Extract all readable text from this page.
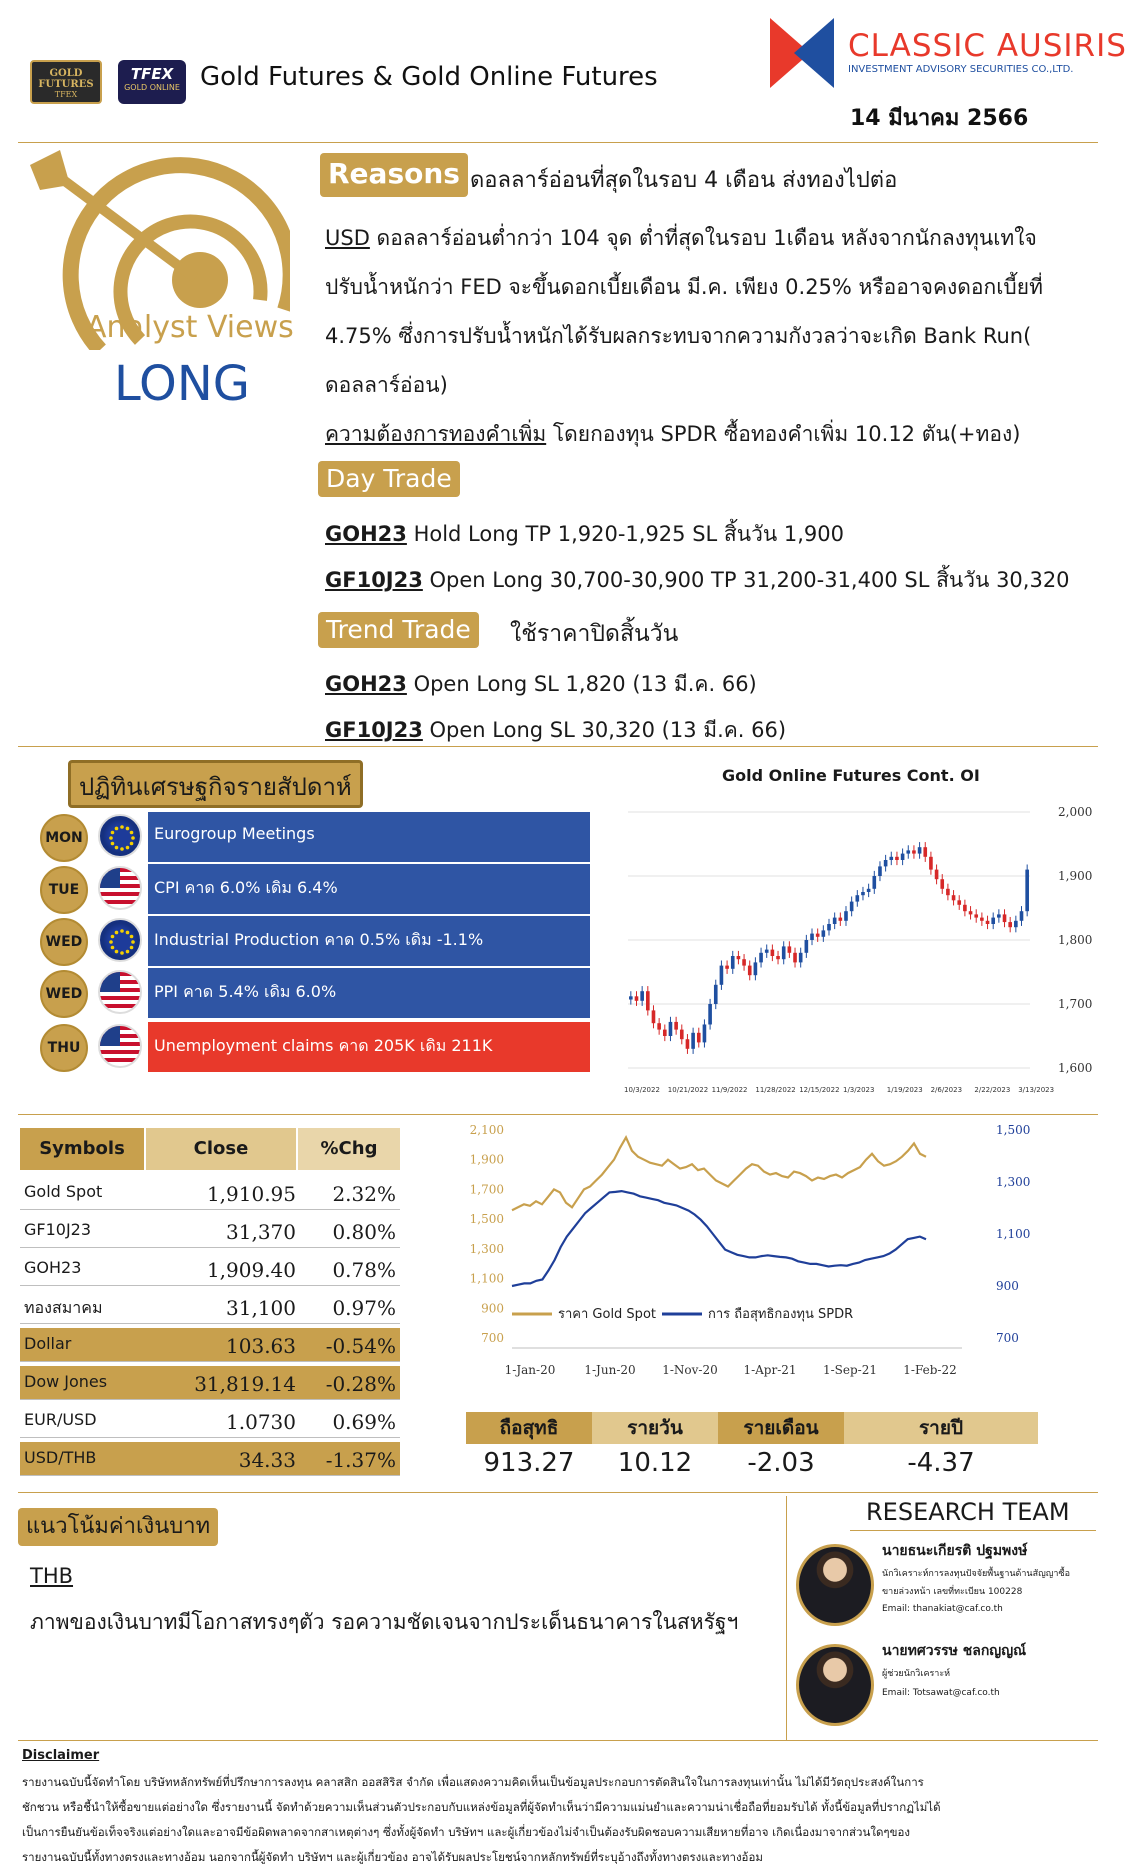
GOLD FUTURES
TFEX
TFEX
GOLD ONLINE Gold Futures & Gold Online Futures
CLASSIC AUSIRIS
INVESTMENT ADVISORY SECURITIES CO.,LTD.
14 มีนาคม 2566
Analyst Views
LONG
Reasons ดอลลาร์อ่อนที่สุดในรอบ 4 เดือน ส่งทองไปต่อ
USD ดอลลาร์อ่อนต่ำกว่า 104 จุด ต่ำที่สุดในรอบ 1เดือน หลังจากนักลงทุนเทใจ
ปรับน้ำหนักว่า FED จะขึ้นดอกเบี้ยเดือน มี.ค. เพียง 0.25% หรืออาจคงดอกเบี้ยที่
4.75% ซึ่งการปรับน้ำหนักได้รับผลกระทบจากความกังวลว่าจะเกิด Bank Run(
ดอลลาร์อ่อน)
ความต้องการทองคำเพิ่ม โดยกองทุน SPDR ซื้อทองคำเพิ่ม 10.12 ตัน(+ทอง)
Day Trade
GOH23 Hold Long TP 1,920-1,925 SL สิ้นวัน 1,900
GF10J23 Open Long 30,700-30,900 TP 31,200-31,400 SL สิ้นวัน 30,320
Trend Trade	ใช้ราคาปิดสิ้นวัน
GOH23 Open Long SL 1,820 (13 มี.ค. 66)
GF10J23 Open Long SL 30,320 (13 มี.ค. 66)
ปฏิทินเศรษฐกิจรายสัปดาห์
MON	Eurogroup Meetings
TUE	CPI คาด 6.0% เดิม 6.4%
WED	Industrial Production คาด 0.5% เดิม -1.1%
WED	PPI คาด 5.4% เดิม 6.0%
THU	Unemployment claims คาด 205K เดิม 211K
Gold Online Futures Cont. OI
1,600
1,700
1,800
1,900
2,000
10/3/2022 10/21/2022 11/9/2022 11/28/2022 12/15/2022 1/3/2023 1/19/2023 2/6/2023 2/22/2023 3/13/2023
Symbols	Close	%Chg
Gold Spot	1,910.95 2.32%
GF10J23	31,370 0.80%
GOH23	1,909.40 0.78%
ทองสมาคม	31,100 0.97%
Dollar	103.63 -0.54%
Dow Jones	31,819.14 -0.28%
EUR/USD	1.0730 0.69%
USD/THB	34.33 -1.37%
2,100
1,900
1,700
1,500
1,300
1,100
900
700
1,500
1,300
1,100
900
700
1-Jan-20 1-Jun-20 1-Nov-20 1-Apr-21 1-Sep-21 1-Feb-22
ราคา Gold Spot	การ ถือสุทธิกองทุน SPDR
ถือสุทธิ	รายวัน	รายเดือน	รายปี
913.27	10.12	-2.03	-4.37
แนวโน้มค่าเงินบาท
THB
ภาพของเงินบาทมีโอกาสทรงๆตัว รอความชัดเจนจากประเด็นธนาคารในสหรัฐฯ
RESEARCH TEAM
นายธนะเกียรติ ปฐมพงษ์
นักวิเคราะห์การลงทุนปัจจัยพื้นฐานด้านสัญญาซื้อ
ขายล่วงหน้า เลขที่ทะเบียน 100228
Email: thanakiat@caf.co.th
นายทศวรรษ ชลกญญณ์
ผู้ช่วยนักวิเคราะห์
Email: Totsawat@caf.co.th
Disclaimer
รายงานฉบับนี้จัดทำโดย บริษัทหลักทรัพย์ที่ปรึกษาการลงทุน คลาสสิก ออสสิริส จำกัด เพื่อแสดงความคิดเห็นเป็นข้อมูลประกอบการตัดสินใจในการลงทุนเท่านั้น ไม่ได้มีวัตถุประสงค์ในการ
ชักชวน หรือชี้นำให้ซื้อขายแต่อย่างใด ซึ่งรายงานนี้ จัดทำด้วยความเห็นส่วนตัวประกอบกับแหล่งข้อมูลที่ผู้จัดทำเห็นว่ามีความแม่นยำและความน่าเชื่อถือที่ยอมรับได้ ทั้งนี้ข้อมูลที่ปรากฏไม่ได้
เป็นการยืนยันข้อเท็จจริงแต่อย่างใดและอาจมีข้อผิดพลาดจากสาเหตุต่างๆ ซึ่งทั้งผู้จัดทำ บริษัทฯ และผู้เกี่ยวข้องไม่จำเป็นต้องรับผิดชอบความเสียหายที่อาจ เกิดเนื่องมาจากส่วนใดๆของ
รายงานฉบับนี้ทั้งทางตรงและทางอ้อม นอกจากนี้ผู้จัดทำ บริษัทฯ และผู้เกี่ยวข้อง อาจได้รับผลประโยชน์จากหลักทรัพย์ที่ระบุอ้างถึงทั้งทางตรงและทางอ้อม
